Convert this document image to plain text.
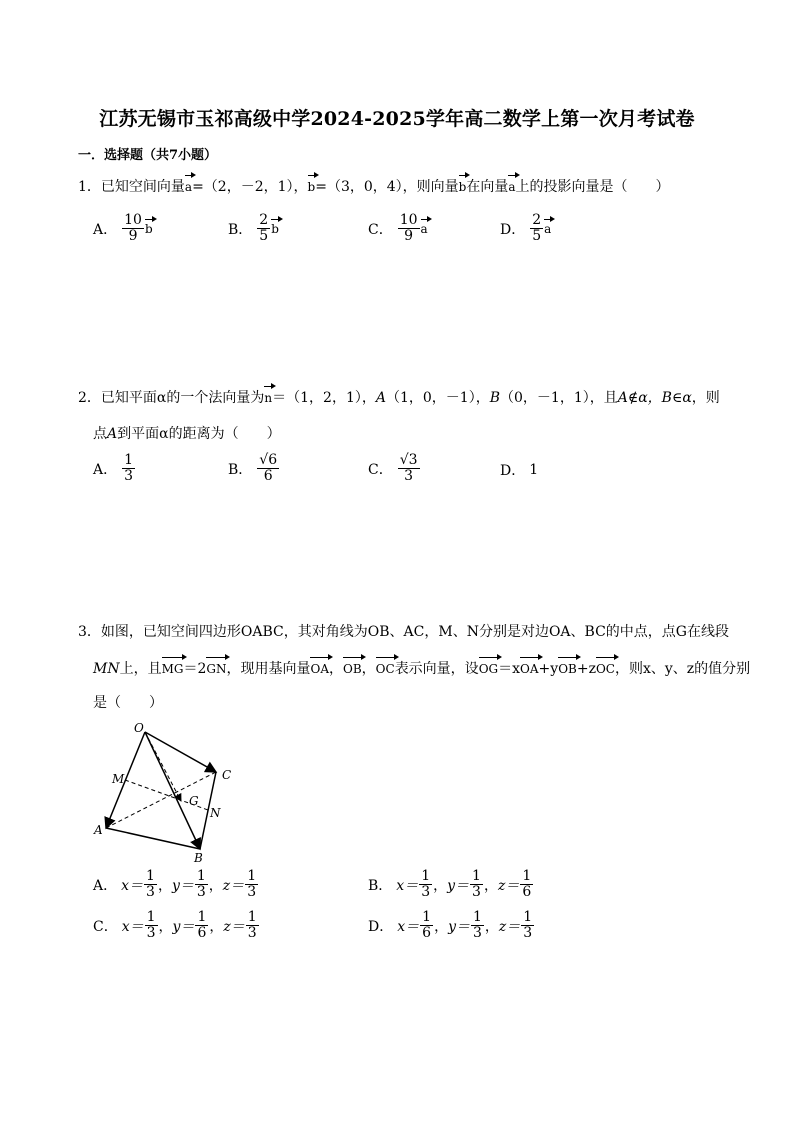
江苏无锡市玉祁高级中学2024-2025学年高二数学上第一次月考试卷
一．选择题（共7小题）
1．已知空间向量a=（2，－2，1），b=（3，0，4），则向量b在向量a上的投影向量是（　　）
A． $\frac{10}{9}$ b	B． $\frac{2}{5}$ b	C． $\frac{10}{9}$ a	D． $\frac{2}{5}$ a
2．已知平面α的一个法向量为n＝（1，2，1），A（1，0，－1），B（0，－1，1），且A∉α，B∈α，则
点A到平面α的距离为（　　）
A． $\frac{1}{3}$	B． $\frac{√6}{6}$	C． $\frac{√3}{3}$	D． 1
3．如图，已知空间四边形OABC，其对角线为OB、AC，M、N分别是对边OA、BC的中点，点G在线段
MN上，且MG＝2GN，现用基向量OA，OB，OC表示向量，设OG＝xOA+yOB+zOC，则x、y、z的值分别
是（　　）
O
M	C
G
N
A
B
A． $x= \frac{1}{3}$ ， $y= \frac{1}{3}$ ， $z= \frac{1}{3}$	B． $x= \frac{1}{3}$ ， $y= \frac{1}{3}$ ， $z= \frac{1}{6}$
C． $x= \frac{1}{3}$ ， $y= \frac{1}{6}$ ， $z= \frac{1}{3}$	D． $x= \frac{1}{6}$ ， $y= \frac{1}{3}$ ， $z= \frac{1}{3}$
